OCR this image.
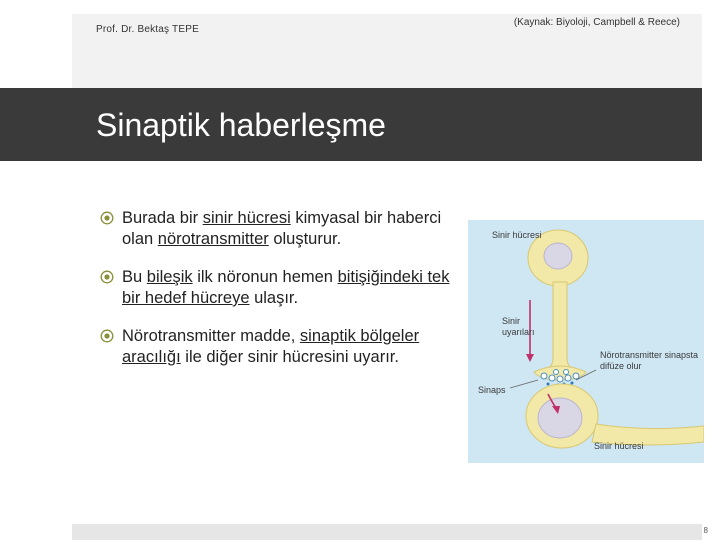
Prof. Dr. Bektaş TEPE
(Kaynak: Biyoloji, Campbell & Reece)
Sinaptik haberleşme
Burada bir sinir hücresi kimyasal bir haberci olan nörotransmitter oluşturur.
Bu bileşik ilk nöronun hemen bitişiğindeki tek bir hedef hücreye ulaşır.
Nörotransmitter madde, sinaptik bölgeler aracılığı ile diğer sinir hücresini uyarır.
Sinir hücresi
Sinir uyarıları
Nörotransmitter sinapsta difüze olur
Sinaps
Sinir hücresi
8
